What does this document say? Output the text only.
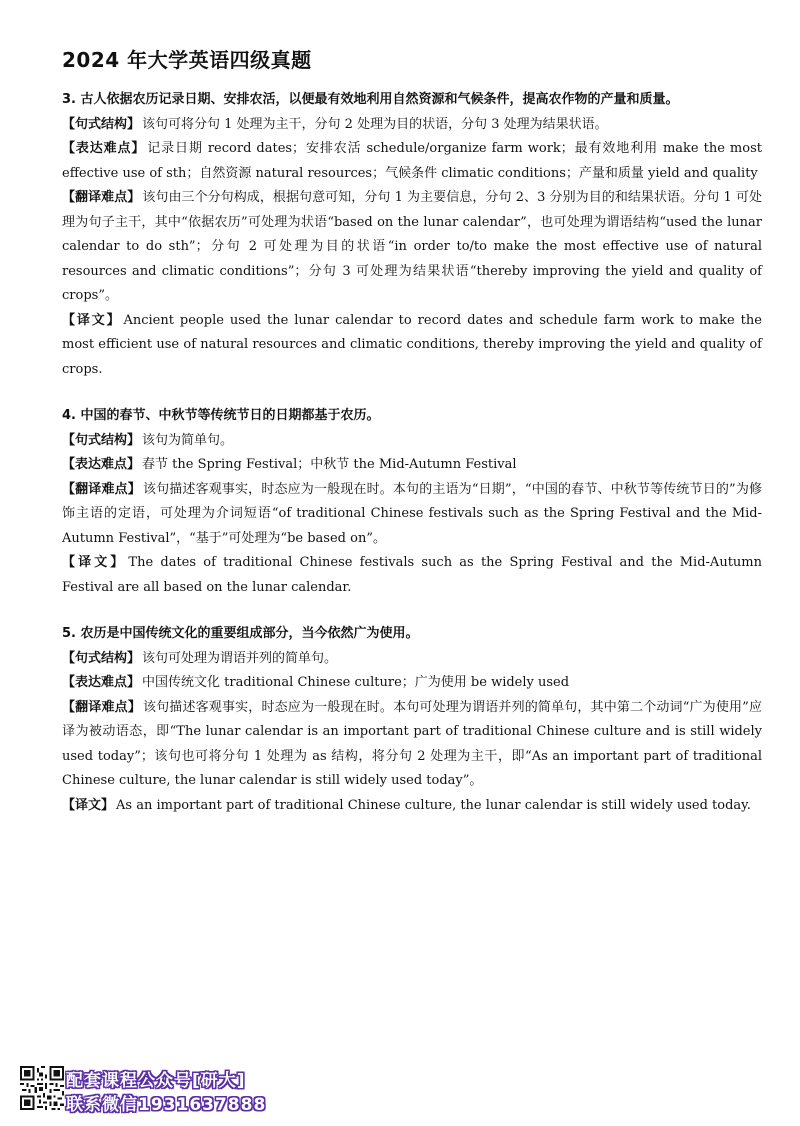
2024 年大学英语四级真题
3. 古人依据农历记录日期、安排农活，以便最有效地利用自然资源和气候条件，提高农作物的产量和质量。
【句式结构】 该句可将分句 1 处理为主干，分句 2 处理为目的状语，分句 3 处理为结果状语。
【表达难点】 记录日期 record dates；安排农活 schedule/organize farm work；最有效地利用 make the most effective use of sth；自然资源 natural resources；气候条件 climatic conditions；产量和质量 yield and quality
【翻译难点】 该句由三个分句构成，根据句意可知，分句 1 为主要信息，分句 2、3 分别为目的和结果状语。分句 1 可处理为句子主干，其中“依据农历”可处理为状语“based on the lunar calendar”，也可处理为谓语结构“used the lunar calendar to do sth”；分句 2 可处理为目的状语“in order to/to make the most effective use of natural resources and climatic conditions”；分句 3 可处理为结果状语“thereby improving the yield and quality of crops”。
【译文】 Ancient people used the lunar calendar to record dates and schedule farm work to make the most efficient use of natural resources and climatic conditions, thereby improving the yield and quality of crops.
4. 中国的春节、中秋节等传统节日的日期都基于农历。
【句式结构】 该句为简单句。
【表达难点】 春节 the Spring Festival；中秋节 the Mid-Autumn Festival
【翻译难点】 该句描述客观事实，时态应为一般现在时。本句的主语为“日期”，“中国的春节、中秋节等传统节日的”为修饰主语的定语，可处理为介词短语“of traditional Chinese festivals such as the Spring Festival and the Mid-Autumn Festival”，“基于”可处理为“be based on”。
【译文】 The dates of traditional Chinese festivals such as the Spring Festival and the Mid-Autumn Festival are all based on the lunar calendar.
5. 农历是中国传统文化的重要组成部分，当今依然广为使用。
【句式结构】 该句可处理为谓语并列的简单句。
【表达难点】 中国传统文化 traditional Chinese culture；广为使用 be widely used
【翻译难点】 该句描述客观事实，时态应为一般现在时。本句可处理为谓语并列的简单句，其中第二个动词“广为使用”应译为被动语态，即“The lunar calendar is an important part of traditional Chinese culture and is still widely used today”；该句也可将分句 1 处理为 as 结构，将分句 2 处理为主干，即“As an important part of traditional Chinese culture, the lunar calendar is still widely used today”。
【译文】 As an important part of traditional Chinese culture, the lunar calendar is still widely used today.
配套课程公众号[研大]
联系微信1931637888
